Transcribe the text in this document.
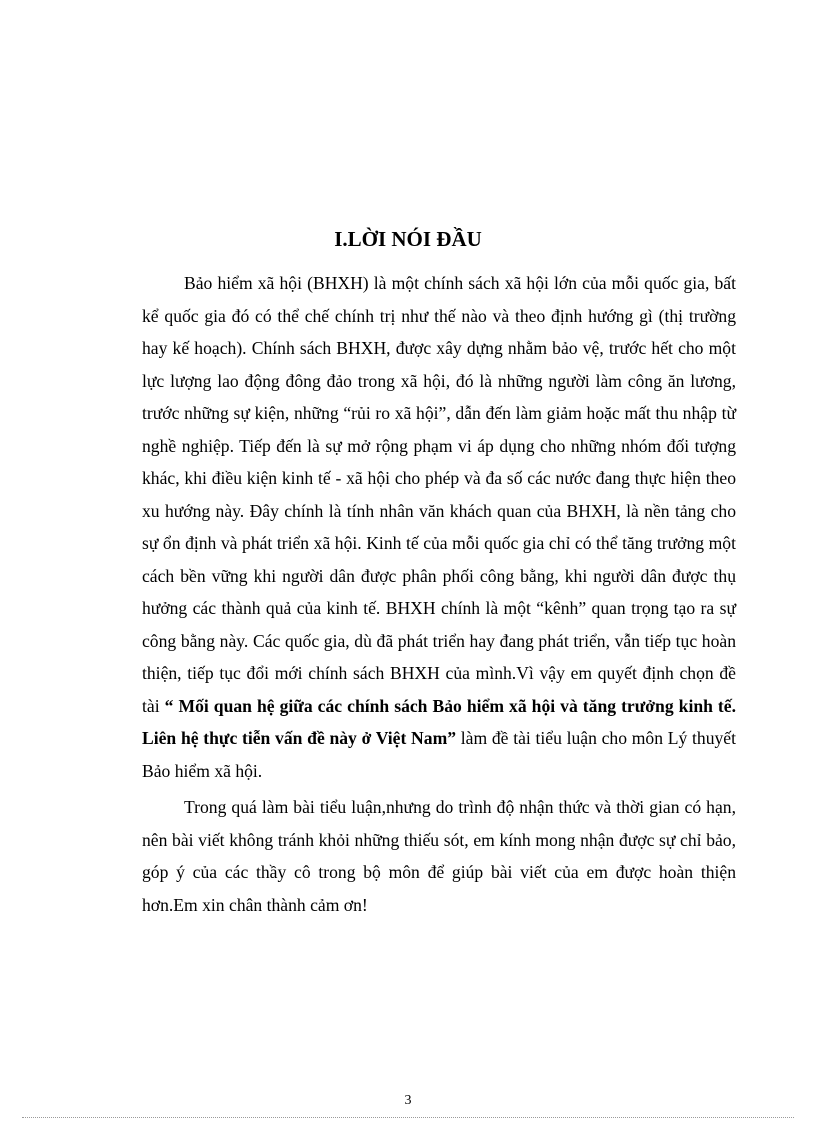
I.LỜI NÓI ĐẦU

Bảo hiểm xã hội (BHXH) là một chính sách xã hội lớn của mỗi quốc gia, bất kể quốc gia đó có thể chế chính trị như thế nào và theo định hướng gì (thị trường hay kế hoạch). Chính sách BHXH, được xây dựng nhằm bảo vệ, trước hết cho một lực lượng lao động đông đảo trong xã hội, đó là những người làm công ăn lương, trước những sự kiện, những “rủi ro xã hội”, dẫn đến làm giảm hoặc mất thu nhập từ nghề nghiệp. Tiếp đến là sự mở rộng phạm vi áp dụng cho những nhóm đối tượng khác, khi điều kiện kinh tế - xã hội cho phép và đa số các nước đang thực hiện theo xu hướng này. Đây chính là tính nhân văn khách quan của BHXH, là nền tảng cho sự ổn định và phát triển xã hội. Kinh tế của mỗi quốc gia chỉ có thể tăng trưởng một cách bền vững khi người dân được phân phối công bằng, khi người dân được thụ hưởng các thành quả của kinh tế. BHXH chính là một “kênh” quan trọng tạo ra sự công bằng này. Các quốc gia, dù đã phát triển hay đang phát triển, vẫn tiếp tục hoàn thiện, tiếp tục đổi mới chính sách BHXH của mình.Vì vậy em quyết định chọn đề tài “ Mối quan hệ giữa các chính sách Bảo hiểm xã hội và tăng trưởng kinh tế. Liên hệ thực tiễn vấn đề này ở Việt Nam” làm đề tài tiểu luận cho môn Lý thuyết Bảo hiểm xã hội.

Trong quá làm bài tiểu luận,nhưng do trình độ nhận thức và thời gian có hạn, nên bài viết không tránh khỏi những thiếu sót, em kính mong nhận được sự chỉ bảo, góp ý của các thầy cô trong bộ môn để giúp bài viết của em được hoàn thiện hơn.Em xin chân thành cảm ơn!

3
